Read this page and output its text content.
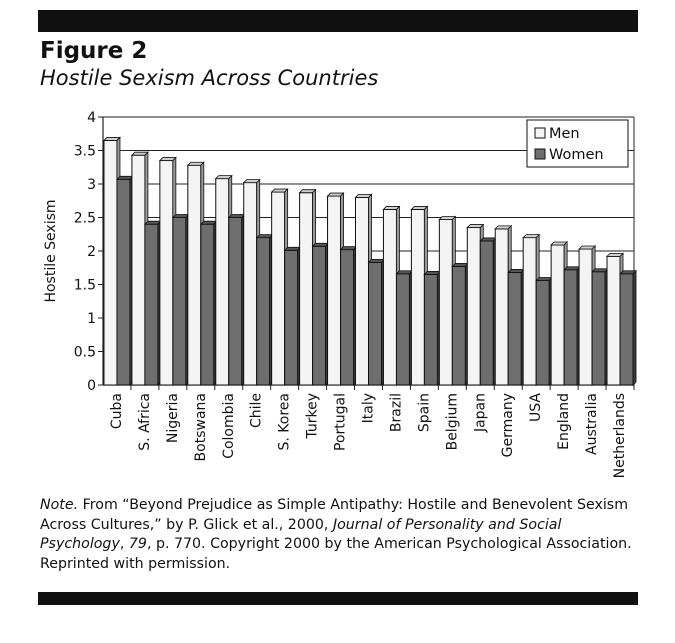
Figure 2
Hostile Sexism Across Countries
0
0.5
1
1.5
2
2.5
3
3.5
4
Hostile Sexism
Cuba S. Africa Nigeria Botswana Colombia Chile S. Korea Turkey Portugal Italy Brazil Spain Belgium Japan Germany USA England Australia Netherlands
Men
Women
Note. From “Beyond Prejudice as Simple Antipathy: Hostile and Benevolent Sexism Across Cultures,” by P. Glick et al., 2000, Journal of Personality and Social Psychology, 79, p. 770. Copyright 2000 by the American Psychological Association. Reprinted with permission.
